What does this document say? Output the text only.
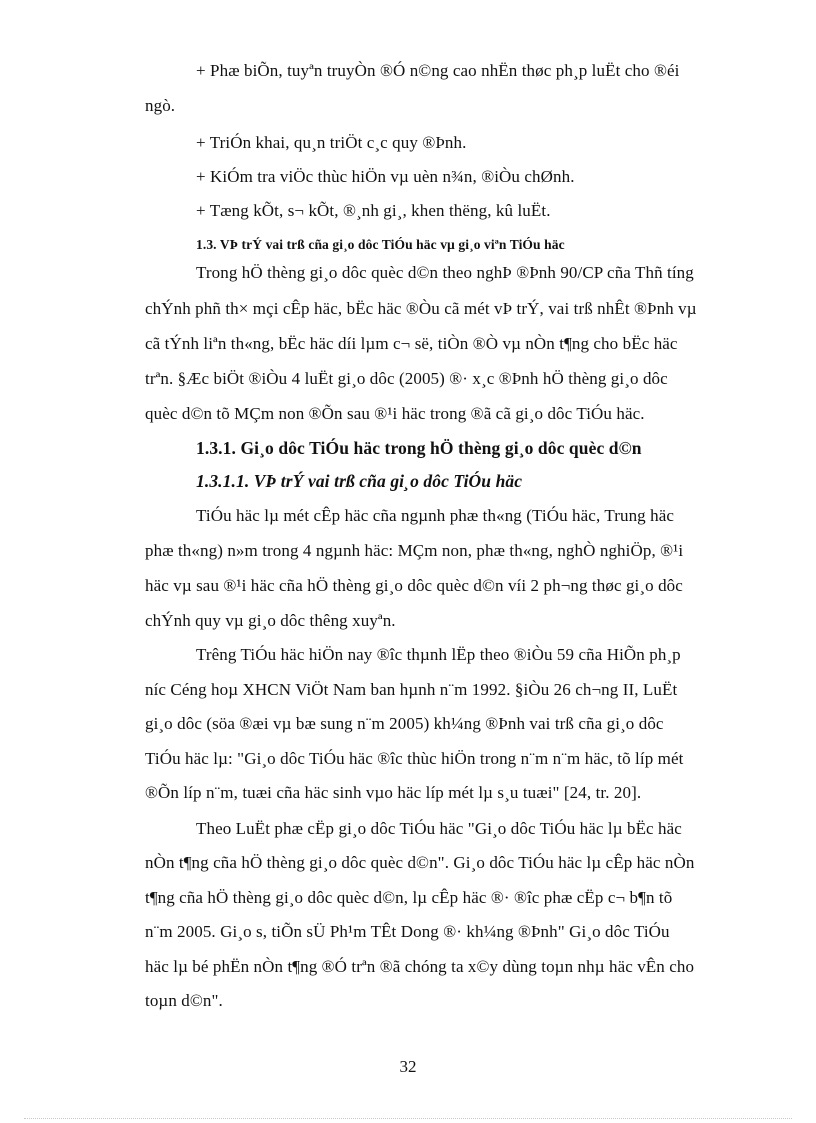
+ Phæ biÕn, tuyªn truyÒn ®Ó n©ng cao nhËn thøc ph¸p luËt cho ®éi
ngò.
+ TriÓn khai, qu¸n triÖt c¸c quy ®Þnh.
+ KiÓm tra viÖc thùc hiÖn vµ uèn n¾n, ®iÒu chØnh.
+ Tæng kÕt, s¬ kÕt, ®¸nh gi¸, khen thëng, kû luËt.
1.3. VÞ trÝ vai trß cña gi¸o dôc TiÓu häc vµ gi¸o viªn TiÓu häc
Trong hÖ thèng gi¸o dôc quèc d©n theo nghÞ ®Þnh 90/CP cña Thñ tíng
chÝnh phñ th× mçi cÊp häc, bËc häc ®Òu cã mét vÞ trÝ, vai trß nhÊt ®Þnh vµ
cã tÝnh liªn th«ng, bËc häc díi lµm c¬ së, tiÒn ®Ò vµ nÒn t¶ng cho bËc häc
trªn. §Æc biÖt ®iÒu 4 luËt gi¸o dôc (2005) ®· x¸c ®Þnh hÖ thèng gi¸o dôc
quèc d©n tõ MÇm non ®Õn sau ®¹i häc trong ®ã cã gi¸o dôc TiÓu häc.
1.3.1. Gi¸o dôc TiÓu häc trong hÖ thèng gi¸o dôc quèc d©n
1.3.1.1. VÞ trÝ vai trß cña gi¸o dôc TiÓu häc
TiÓu häc lµ mét cÊp häc cña ngµnh phæ th«ng (TiÓu häc, Trung häc
phæ th«ng) n»m trong 4 ngµnh häc: MÇm non, phæ th«ng, nghÒ nghiÖp, ®¹i
häc vµ sau ®¹i häc cña hÖ thèng gi¸o dôc quèc d©n víi 2 ph¬ng thøc gi¸o dôc
chÝnh quy vµ gi¸o dôc thêng xuyªn.
Trêng TiÓu häc hiÖn nay ®îc thµnh lËp theo ®iÒu 59 cña HiÕn ph¸p
níc Céng hoµ XHCN ViÖt Nam ban hµnh n¨m 1992. §iÒu 26 ch¬ng II, LuËt
gi¸o dôc (söa ®æi vµ bæ sung n¨m 2005) kh¼ng ®Þnh vai trß cña gi¸o dôc
TiÓu häc lµ: "Gi¸o dôc TiÓu häc ®îc thùc hiÖn trong n¨m n¨m häc, tõ líp mét
®Õn líp n¨m, tuæi cña häc sinh vµo häc líp mét lµ s¸u tuæi" [24, tr. 20].
Theo LuËt phæ cËp gi¸o dôc TiÓu häc "Gi¸o dôc TiÓu häc lµ bËc häc
nÒn t¶ng cña hÖ thèng gi¸o dôc quèc d©n". Gi¸o dôc TiÓu häc lµ cÊp häc nÒn
t¶ng cña hÖ thèng gi¸o dôc quèc d©n, lµ cÊp häc ®· ®îc phæ cËp c¬ b¶n tõ
n¨m 2005. Gi¸o s, tiÕn sÜ Ph¹m TÊt Dong ®· kh¼ng ®Þnh" Gi¸o dôc TiÓu
häc lµ bé phËn nÒn t¶ng ®Ó trªn ®ã chóng ta x©y dùng toµn nhµ häc vÊn cho
toµn d©n".
32
